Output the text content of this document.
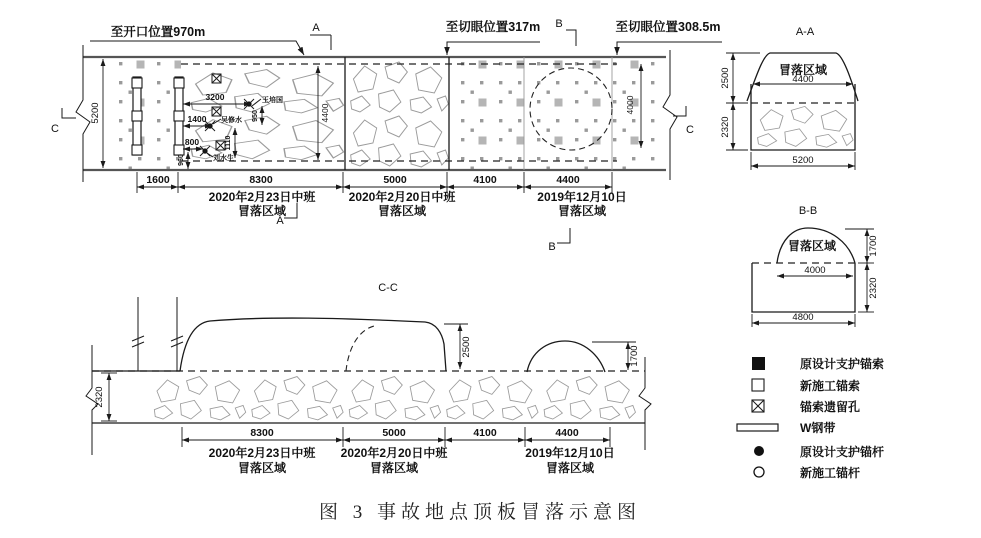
5200	4400	4000
3200	王培国
950
1400 吴修水
1110
800
刘水生
960
至开口位置970m	至切眼位置317m	至切眼位置308.5m
A
A
B
B
C	C
1600	8300	5000	4100	4400
2020年2月23日中班
冒落区域
2020年2月20日中班
冒落区域
2019年12月10日
冒落区域
A-A
冒落区域
4400
2500
2320
5200
B-B
冒落区域
4000
1700
2320
4800
C-C
2320
2500	1700
8300	5000	4100	4400
2020年2月23日中班
冒落区域
2020年2月20日中班
冒落区域
2019年12月10日
冒落区域
原设计支护锚索
新施工锚索
锚索遗留孔
W钢带
原设计支护锚杆
新施工锚杆
图 3 事故地点顶板冒落示意图
